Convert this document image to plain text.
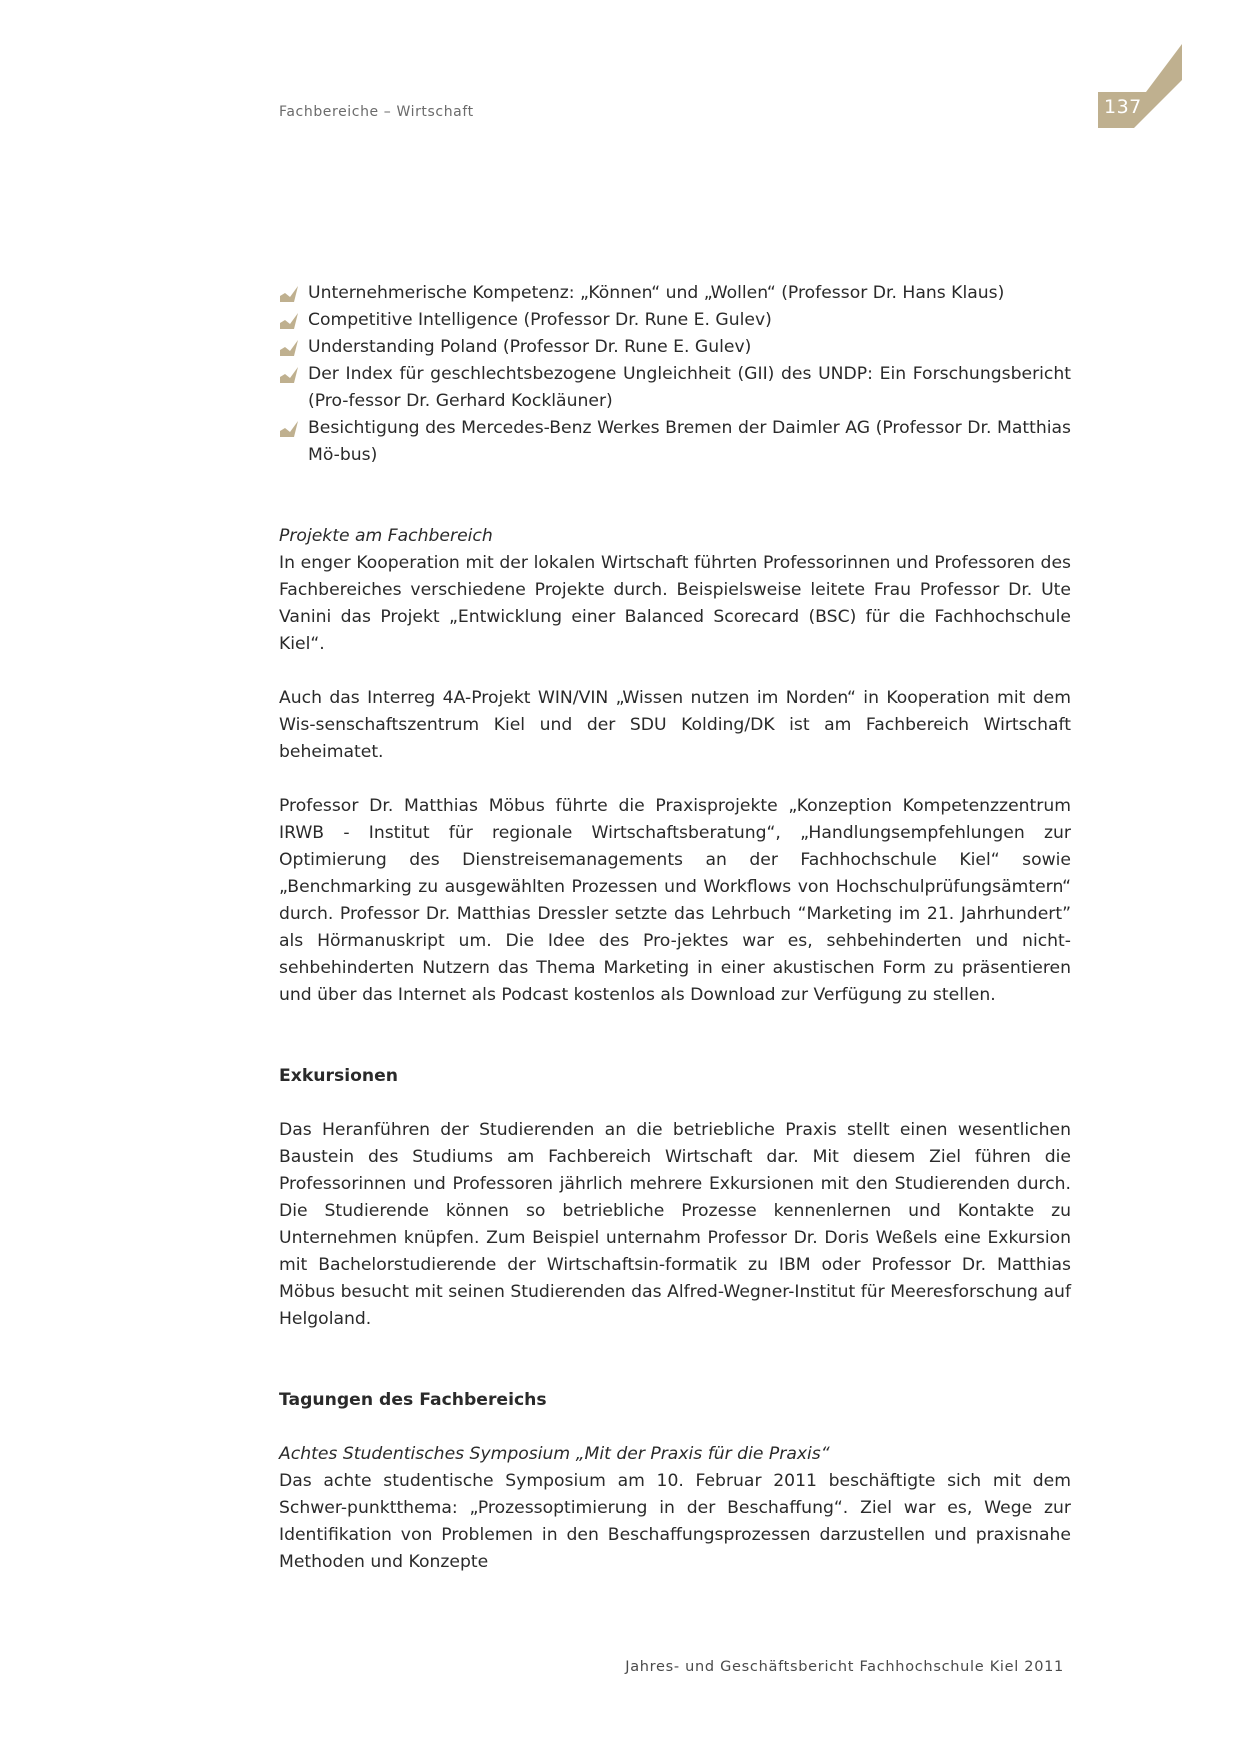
Fachbereiche – Wirtschaft	137
Unternehmerische Kompetenz: „Können“ und „Wollen“ (Professor Dr. Hans Klaus)
Competitive Intelligence (Professor Dr. Rune E. Gulev)
Understanding Poland (Professor Dr. Rune E. Gulev)

Der Index für geschlechtsbezogene Ungleichheit (GII) des UNDP: Ein Forschungsbericht (Pro-fessor Dr. Gerhard Kockläuner)

Besichtigung des Mercedes-Benz Werkes Bremen der Daimler AG (Professor Dr. Matthias Mö-bus)

Projekte am Fachbereich

In enger Kooperation mit der lokalen Wirtschaft führten Professorinnen und Professoren des Fachbereiches verschiedene Projekte durch. Beispielsweise leitete Frau Professor Dr. Ute Vanini das Projekt „Entwicklung einer Balanced Scorecard (BSC) für die Fachhochschule Kiel“.

Auch das Interreg 4A-Projekt WIN/VIN „Wissen nutzen im Norden“ in Kooperation mit dem Wis-senschaftszentrum Kiel und der SDU Kolding/DK ist am Fachbereich Wirtschaft beheimatet.

Professor Dr. Matthias Möbus führte die Praxisprojekte „Konzeption Kompetenzzentrum IRWB - Institut für regionale Wirtschaftsberatung“, „Handlungsempfehlungen zur Optimierung des Dienstreisemanagements an der Fachhochschule Kiel“ sowie „Benchmarking zu ausgewählten Prozessen und Workflows von Hochschulprüfungsämtern“ durch. Professor Dr. Matthias Dressler setzte das Lehrbuch “Marketing im 21. Jahrhundert” als Hörmanuskript um. Die Idee des Pro-jektes war es, sehbehinderten und nicht-sehbehinderten Nutzern das Thema Marketing in einer akustischen Form zu präsentieren und über das Internet als Podcast kostenlos als Download zur Verfügung zu stellen.

Exkursionen

Das Heranführen der Studierenden an die betriebliche Praxis stellt einen wesentlichen Baustein des Studiums am Fachbereich Wirtschaft dar. Mit diesem Ziel führen die Professorinnen und Professoren jährlich mehrere Exkursionen mit den Studierenden durch. Die Studierende können so betriebliche Prozesse kennenlernen und Kontakte zu Unternehmen knüpfen. Zum Beispiel unternahm Professor Dr. Doris Weßels eine Exkursion mit Bachelorstudierende der Wirtschaftsin-formatik zu IBM oder Professor Dr. Matthias Möbus besucht mit seinen Studierenden das Alfred-Wegner-Institut für Meeresforschung auf Helgoland.

Tagungen des Fachbereichs
Achtes Studentisches Symposium „Mit der Praxis für die Praxis“

Das achte studentische Symposium am 10. Februar 2011 beschäftigte sich mit dem Schwer-punktthema: „Prozessoptimierung in der Beschaffung“. Ziel war es, Wege zur Identifikation von Problemen in den Beschaffungsprozessen darzustellen und praxisnahe Methoden und Konzepte

Jahres- und Geschäftsbericht Fachhochschule Kiel 2011
